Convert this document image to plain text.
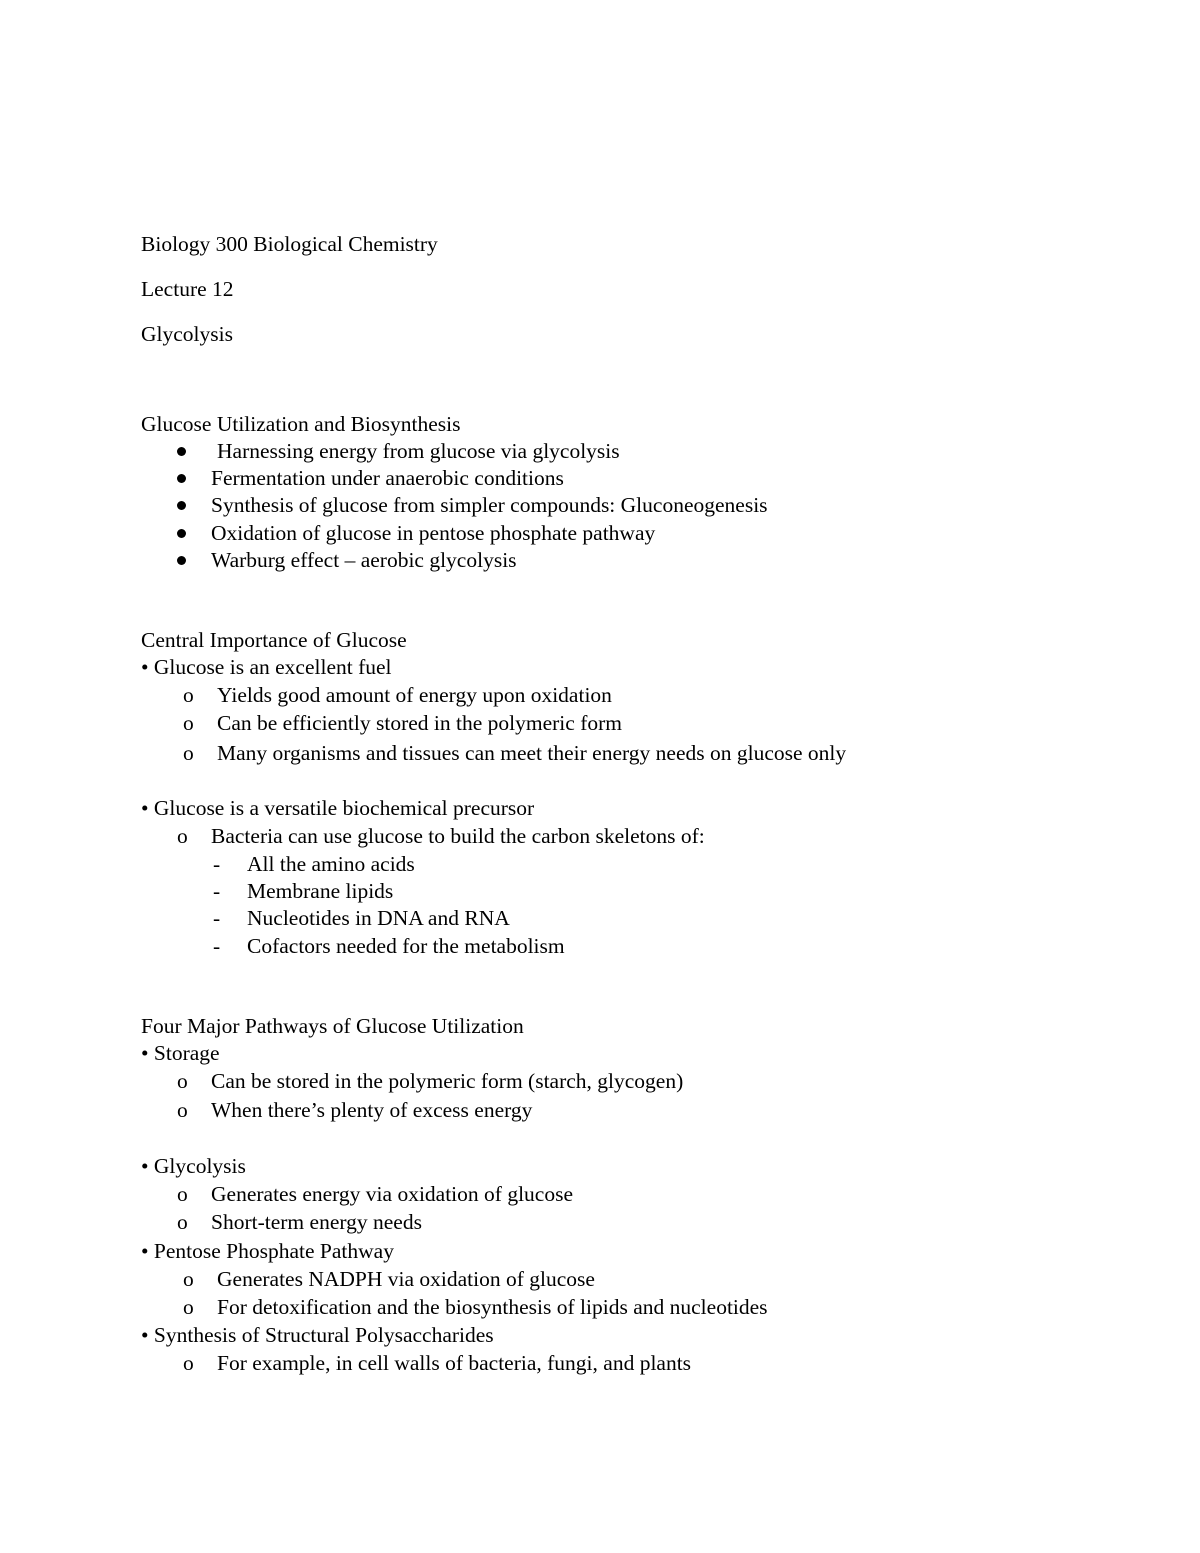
Biology 300 Biological Chemistry
Lecture 12
Glycolysis
Glucose Utilization and Biosynthesis
Harnessing energy from glucose via glycolysis
Fermentation under anaerobic conditions
Synthesis of glucose from simpler compounds: Gluconeogenesis
Oxidation of glucose in pentose phosphate pathway
Warburg effect – aerobic glycolysis
Central Importance of Glucose
• Glucose is an excellent fuel
o Yields good amount of energy upon oxidation
o Can be efficiently stored in the polymeric form
o Many organisms and tissues can meet their energy needs on glucose only
• Glucose is a versatile biochemical precursor
o Bacteria can use glucose to build the carbon skeletons of:
- All the amino acids
- Membrane lipids
- Nucleotides in DNA and RNA
- Cofactors needed for the metabolism
Four Major Pathways of Glucose Utilization
• Storage
o Can be stored in the polymeric form (starch, glycogen)
o When there’s plenty of excess energy
• Glycolysis
o Generates energy via oxidation of glucose
o Short-term energy needs
• Pentose Phosphate Pathway
o Generates NADPH via oxidation of glucose
o For detoxification and the biosynthesis of lipids and nucleotides
• Synthesis of Structural Polysaccharides
o For example, in cell walls of bacteria, fungi, and plants
